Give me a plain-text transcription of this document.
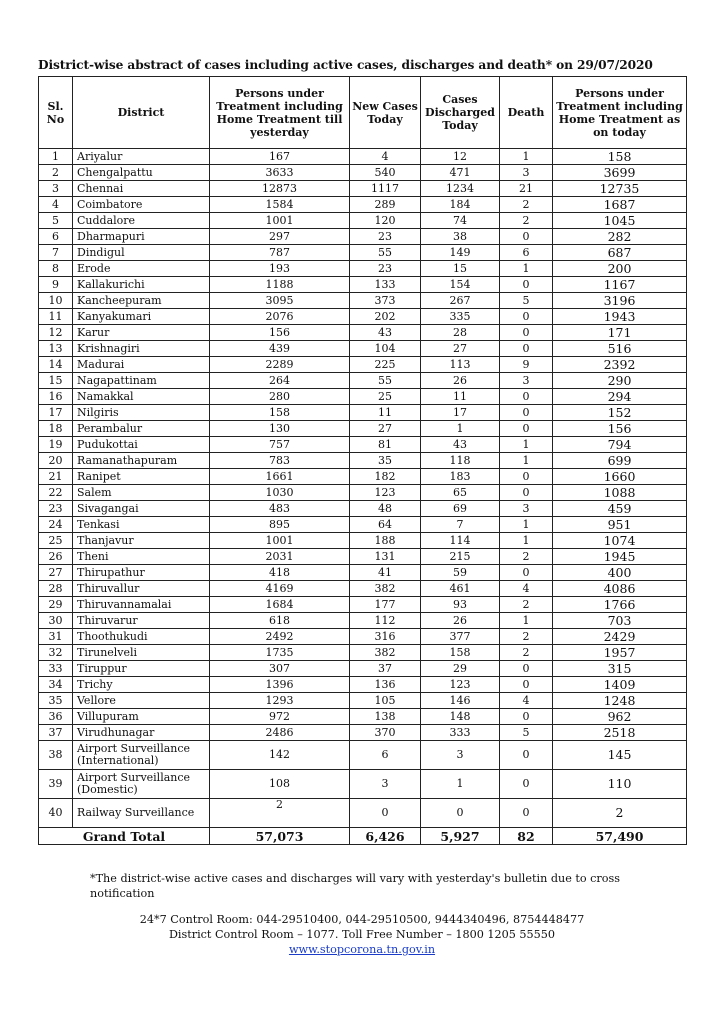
District-wise abstract of cases including active cases, discharges and death* on 29/07/2020
Sl. No	District	Persons under Treatment including Home Treatment till yesterday	New Cases Today	Cases Discharged Today	Death	Persons under Treatment including Home Treatment as on today
1	Ariyalur	167	4	12	1	158
2	Chengalpattu	3633	540	471	3	3699
3	Chennai	12873	1117	1234	21	12735
4	Coimbatore	1584	289	184	2	1687
5	Cuddalore	1001	120	74	2	1045
6	Dharmapuri	297	23	38	0	282
7	Dindigul	787	55	149	6	687
8	Erode	193	23	15	1	200
9	Kallakurichi	1188	133	154	0	1167
10	Kancheepuram	3095	373	267	5	3196
11	Kanyakumari	2076	202	335	0	1943
12	Karur	156	43	28	0	171
13	Krishnagiri	439	104	27	0	516
14	Madurai	2289	225	113	9	2392
15	Nagapattinam	264	55	26	3	290
16	Namakkal	280	25	11	0	294
17	Nilgiris	158	11	17	0	152
18	Perambalur	130	27	1	0	156
19	Pudukottai	757	81	43	1	794
20	Ramanathapuram	783	35	118	1	699
21	Ranipet	1661	182	183	0	1660
22	Salem	1030	123	65	0	1088
23	Sivagangai	483	48	69	3	459
24	Tenkasi	895	64	7	1	951
25	Thanjavur	1001	188	114	1	1074
26	Theni	2031	131	215	2	1945
27	Thirupathur	418	41	59	0	400
28	Thiruvallur	4169	382	461	4	4086
29	Thiruvannamalai	1684	177	93	2	1766
30	Thiruvarur	618	112	26	1	703
31	Thoothukudi	2492	316	377	2	2429
32	Tirunelveli	1735	382	158	2	1957
33	Tiruppur	307	37	29	0	315
34	Trichy	1396	136	123	0	1409
35	Vellore	1293	105	146	4	1248
36	Villupuram	972	138	148	0	962
37	Virudhunagar	2486	370	333	5	2518
38	Airport Surveillance (International)	142	6	3	0	145
39	Airport Surveillance (Domestic)	108	3	1	0	110
40	Railway Surveillance	2	0	0	0	2
Grand Total		57,073	6,426	5,927	82	57,490
*The district-wise active cases and discharges will vary with yesterday's bulletin due to cross notification
24*7 Control Room: 044-29510400, 044-29510500, 9444340496, 8754448477
District Control Room – 1077. Toll Free Number – 1800 1205 55550
www.stopcorona.tn.gov.in
